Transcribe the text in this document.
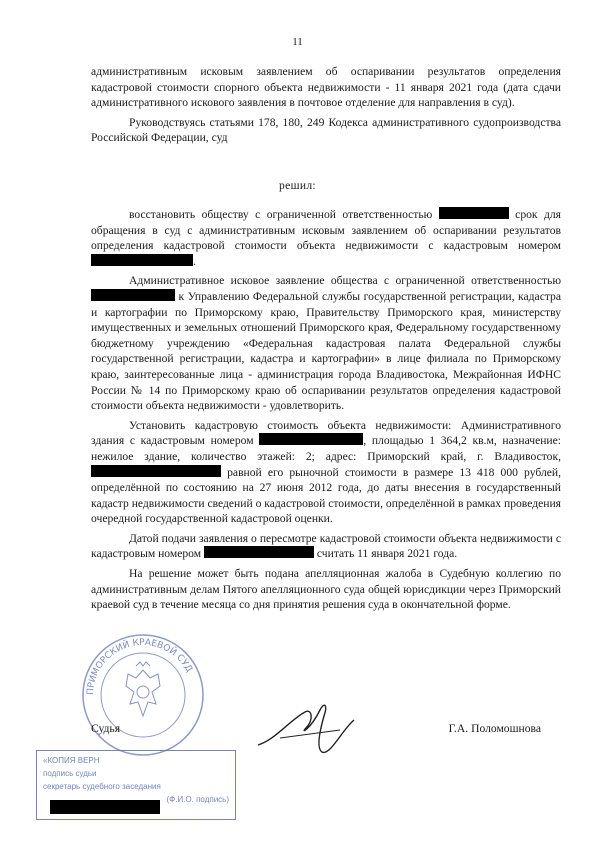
11

административным исковым заявлением об оспаривании результатов определения кадастровой стоимости спорного объекта недвижимости - 11 января 2021 года (дата сдачи административного искового заявления в почтовое отделение для направления в суд).

Руководствуясь статьями 178, 180, 249 Кодекса административного судопроизводства Российской Федерации, суд

решил:

восстановить обществу с ограниченной ответственностью	срок для обращения в суд с административным исковым заявлением об оспаривании результатов определения кадастровой стоимости объекта недвижимости с кадастровым номером .

Административное исковое заявление общества с ограниченной ответственностью  к Управлению Федеральной службы государственной регистрации, кадастра и картографии по Приморскому краю, Правительству Приморского края, министерству имущественных и земельных отношений Приморского края, Федеральному государственному бюджетному учреждению «Федеральная кадастровая палата Федеральной службы государственной регистрации, кадастра и картографии» в лице филиала по Приморскому краю, заинтересованные лица - администрация города Владивостока, Межрайонная ИФНС России № 14 по Приморскому краю об оспаривании результатов определения кадастровой стоимости объекта недвижимости - удовлетворить.

Установить кадастровую стоимость объекта недвижимости: Административного здания с кадастровым номером	, площадью 1 364,2 кв.м, назначение: нежилое здание, количество этажей: 2; адрес: Приморский край, г. Владивосток,  равной его рыночной стоимости в размере 13 418 000 рублей, определённой по состоянию на 27 июня 2012 года, до даты внесения в государственный кадастр недвижимости сведений о кадастровой стоимости, определённой в рамках проведения очередной государственной кадастровой оценки.

Датой подачи заявления о пересмотре кадастровой стоимости объекта недвижимости с кадастровым номером	считать 11 января 2021 года.

На решение может быть подана апелляционная жалоба в Судебную коллегию по административным делам Пятого апелляционного суда общей юрисдикции через Приморский краевой суд в течение месяца со дня принятия решения суда в окончательной форме.

ПРИМОРСКИЙ КРАЕВОЙ СУД
Судья	Г.А. Поломошнова
«КОПИЯ ВЕРН
подпись судьи
секретарь судебного заседания
(Ф.И.О. подпись)
